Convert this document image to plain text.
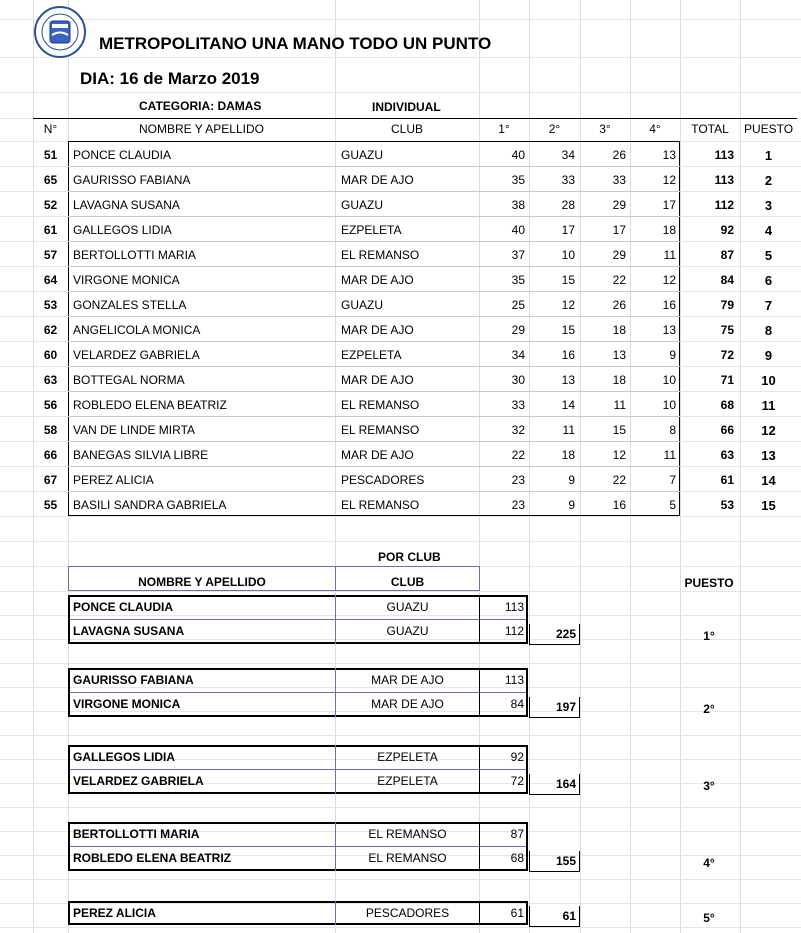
METROPOLITANO UNA MANO TODO UN PUNTO
DIA: 16 de Marzo 2019
CATEGORIA: DAMAS	INDIVIDUAL
N°	NOMBRE Y APELLIDO	CLUB	1°	2°	3°	4°	TOTAL	PUESTO
51	PONCE CLAUDIA	GUAZU	40	34	26	13	113	1
65	GAURISSO FABIANA	MAR DE AJO	35	33	33	12	113	2
52	LAVAGNA SUSANA	GUAZU	38	28	29	17	112	3
61	GALLEGOS LIDIA	EZPELETA	40	17	17	18	92	4
57	BERTOLLOTTI MARIA	EL REMANSO	37	10	29	11	87	5
64	VIRGONE MONICA	MAR DE AJO	35	15	22	12	84	6
53	GONZALES STELLA	GUAZU	25	12	26	16	79	7
62	ANGELICOLA MONICA	MAR DE AJO	29	15	18	13	75	8
60	VELARDEZ GABRIELA	EZPELETA	34	16	13	9	72	9
63	BOTTEGAL NORMA	MAR DE AJO	30	13	18	10	71	10
56	ROBLEDO ELENA BEATRIZ	EL REMANSO	33	14	11	10	68	11
58	VAN DE LINDE MIRTA	EL REMANSO	32	11	15	8	66	12
66	BANEGAS SILVIA LIBRE	MAR DE AJO	22	18	12	11	63	13
67	PEREZ ALICIA	PESCADORES	23	9	22	7	61	14
55	BASILI SANDRA GABRIELA	EL REMANSO	23	9	16	5	53	15
POR CLUB
NOMBRE Y APELLIDO	CLUB	PUESTO
PONCE CLAUDIA	GUAZU	113
LAVAGNA SUSANA	GUAZU	112	225	1°
GAURISSO FABIANA	MAR DE AJO	113
VIRGONE MONICA	MAR DE AJO	84	197	2°
GALLEGOS LIDIA	EZPELETA	92
VELARDEZ GABRIELA	EZPELETA	72	164	3°
BERTOLLOTTI MARIA	EL REMANSO	87
ROBLEDO ELENA BEATRIZ	EL REMANSO	68	155	4°
PEREZ ALICIA	PESCADORES	61	61	5°
